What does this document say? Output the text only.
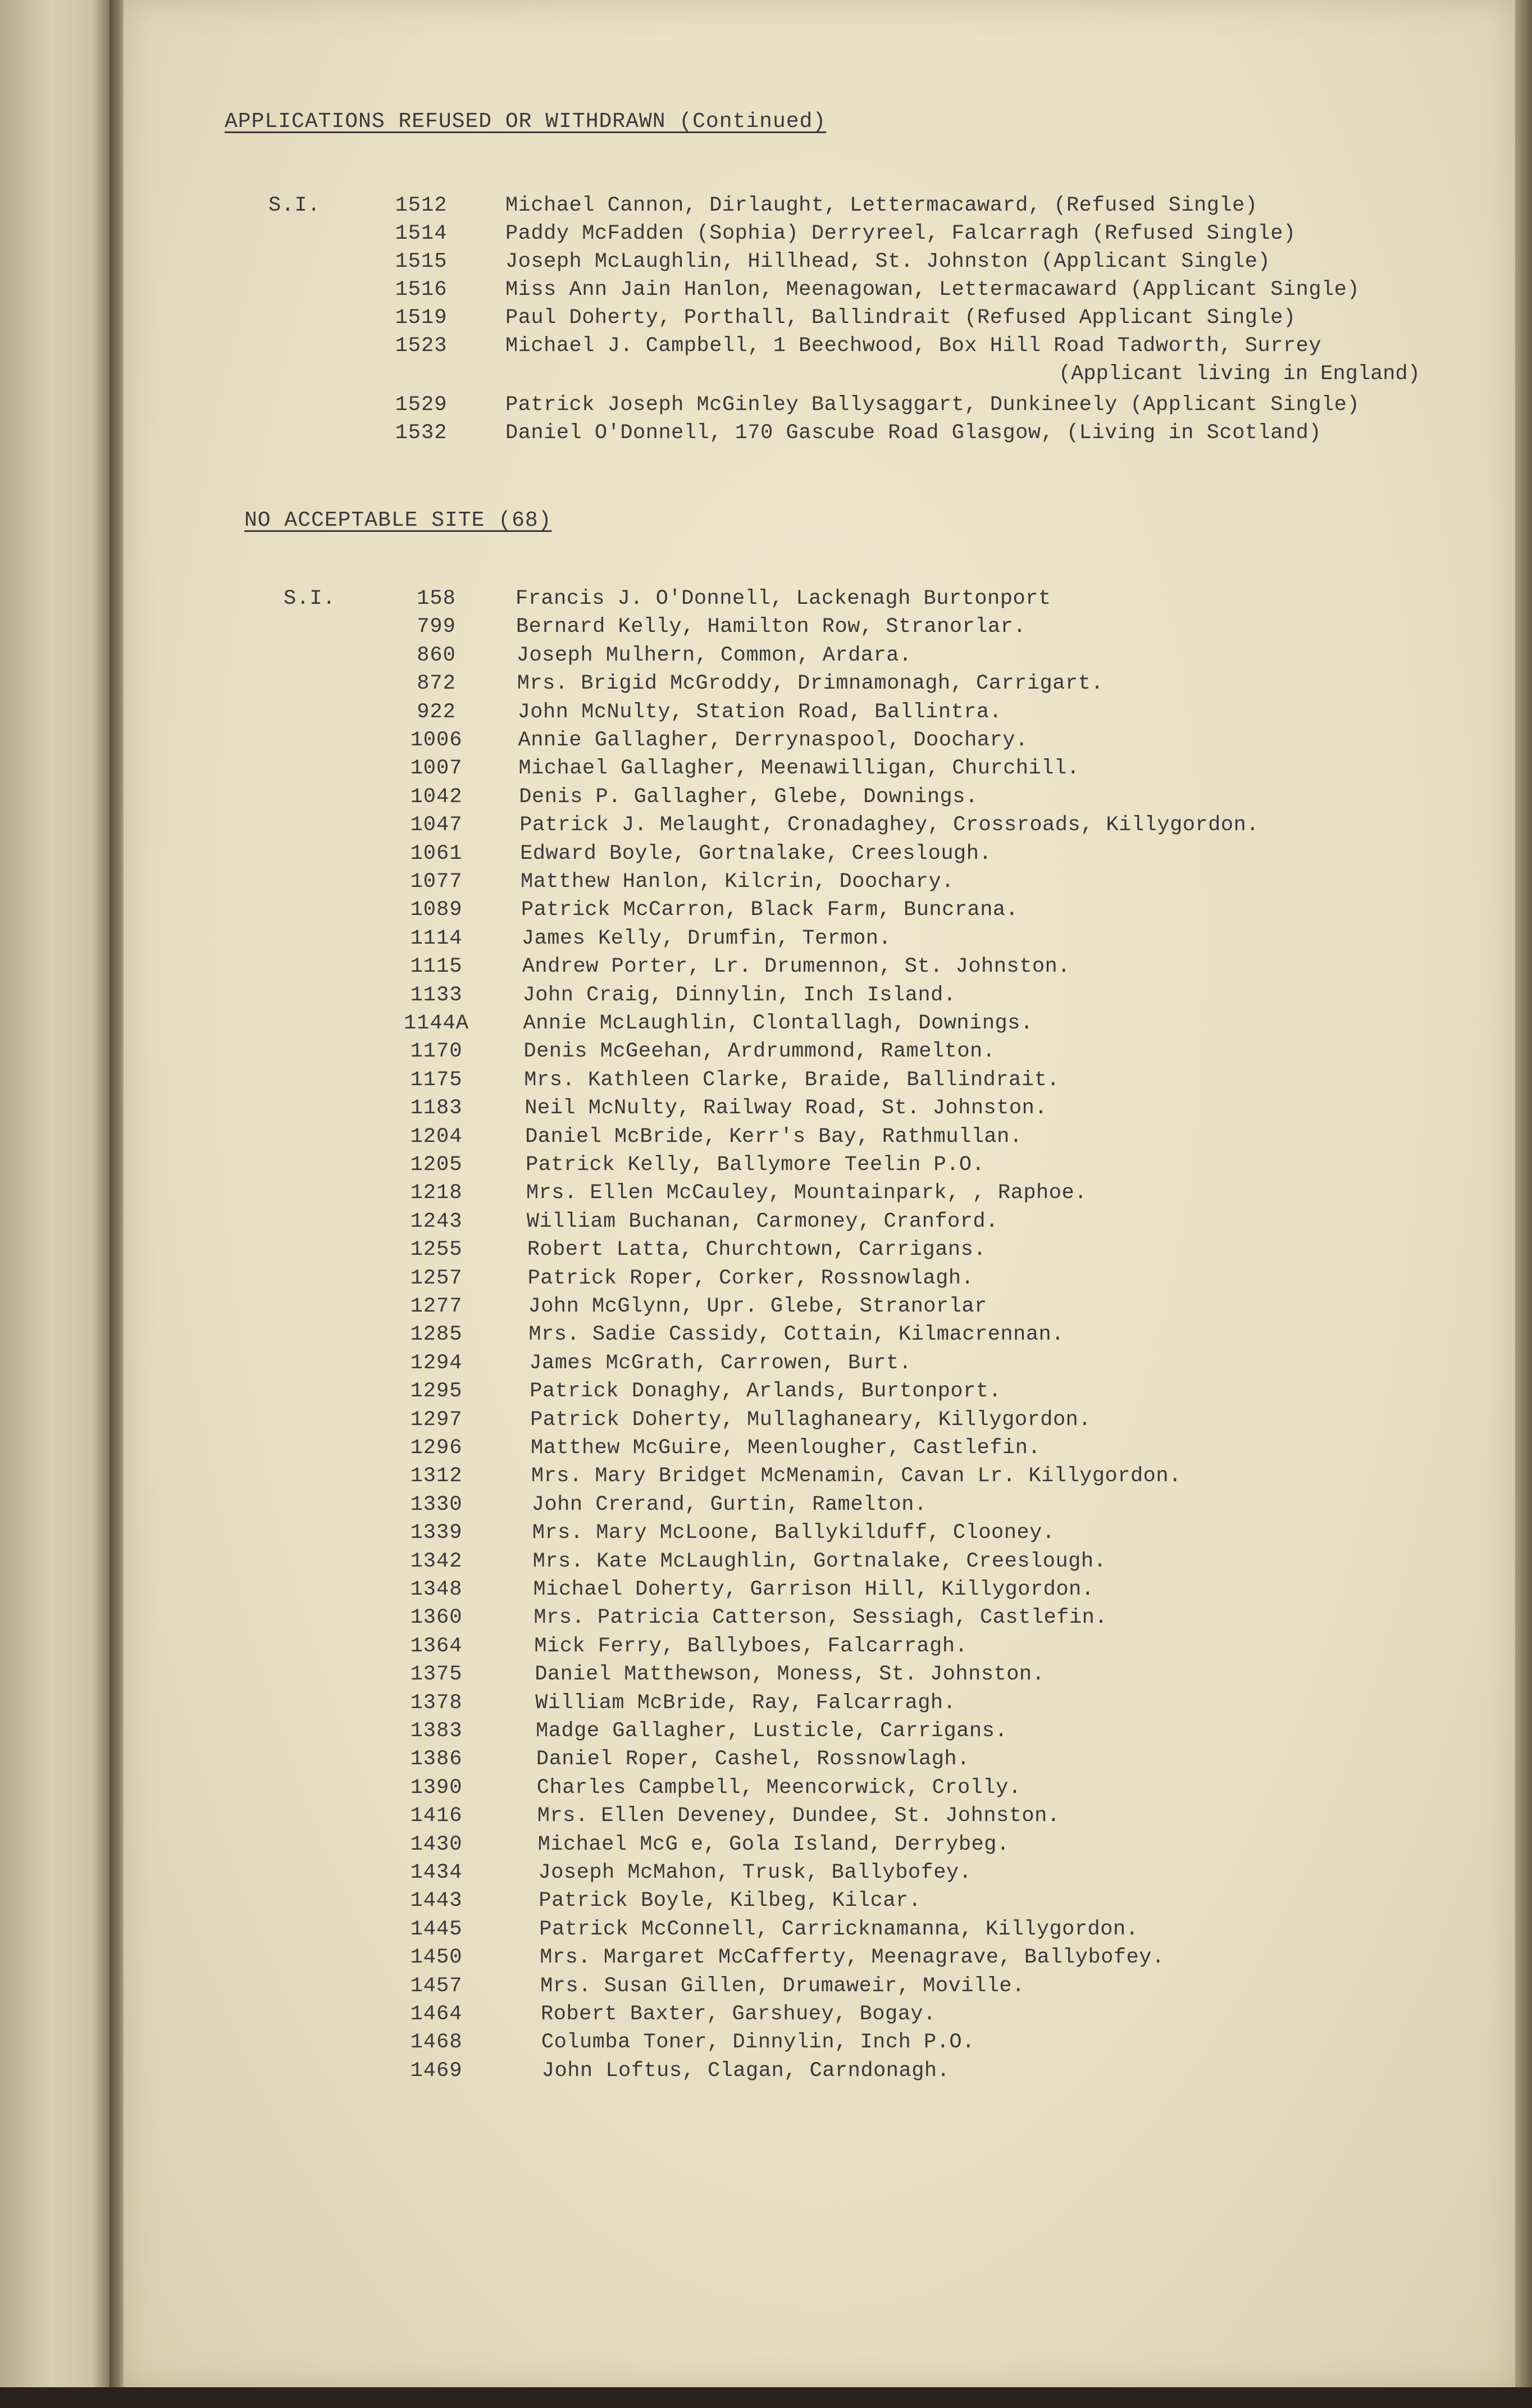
APPLICATIONS REFUSED OR WITHDRAWN (Continued)
S.I.	1512	Michael Cannon, Dirlaught, Lettermacaward, (Refused Single)
1514	Paddy McFadden (Sophia) Derryreel, Falcarragh (Refused Single)
1515	Joseph McLaughlin, Hillhead, St. Johnston (Applicant Single)
1516	Miss Ann Jain Hanlon, Meenagowan, Lettermacaward (Applicant Single)
1519	Paul Doherty, Porthall, Ballindrait (Refused Applicant Single)
1523	Michael J. Campbell, 1 Beechwood, Box Hill Road Tadworth, Surrey
(Applicant living in England)
1529	Patrick Joseph McGinley Ballysaggart, Dunkineely (Applicant Single)
1532	Daniel O'Donnell, 170 Gascube Road Glasgow, (Living in Scotland)
NO ACCEPTABLE SITE (68)
S.I.	158	Francis J. O'Donnell, Lackenagh Burtonport
799	Bernard Kelly, Hamilton Row, Stranorlar.
860	Joseph Mulhern, Common, Ardara.
872	Mrs. Brigid McGroddy, Drimnamonagh, Carrigart.
922	John McNulty, Station Road, Ballintra.
1006	Annie Gallagher, Derrynaspool, Doochary.
1007	Michael Gallagher, Meenawilligan, Churchill.
1042	Denis P. Gallagher, Glebe, Downings.
1047	Patrick J. Melaught, Cronadaghey, Crossroads, Killygordon.
1061	Edward Boyle, Gortnalake, Creeslough.
1077	Matthew Hanlon, Kilcrin, Doochary.
1089	Patrick McCarron, Black Farm, Buncrana.
1114	James Kelly, Drumfin, Termon.
1115	Andrew Porter, Lr. Drumennon, St. Johnston.
1133	John Craig, Dinnylin, Inch Island.
1144A	Annie McLaughlin, Clontallagh, Downings.
1170	Denis McGeehan, Ardrummond, Ramelton.
1175	Mrs. Kathleen Clarke, Braide, Ballindrait.
1183	Neil McNulty, Railway Road, St. Johnston.
1204	Daniel McBride, Kerr's Bay, Rathmullan.
1205	Patrick Kelly, Ballymore Teelin P.O.
1218	Mrs. Ellen McCauley, Mountainpark, , Raphoe.
1243	William Buchanan, Carmoney, Cranford.
1255	Robert Latta, Churchtown, Carrigans.
1257	Patrick Roper, Corker, Rossnowlagh.
1277	John McGlynn, Upr. Glebe, Stranorlar
1285	Mrs. Sadie Cassidy, Cottain, Kilmacrennan.
1294	James McGrath, Carrowen, Burt.
1295	Patrick Donaghy, Arlands, Burtonport.
1297	Patrick Doherty, Mullaghaneary, Killygordon.
1296	Matthew McGuire, Meenlougher, Castlefin.
1312	Mrs. Mary Bridget McMenamin, Cavan Lr. Killygordon.
1330	John Crerand, Gurtin, Ramelton.
1339	Mrs. Mary McLoone, Ballykilduff, Clooney.
1342	Mrs. Kate McLaughlin, Gortnalake, Creeslough.
1348	Michael Doherty, Garrison Hill, Killygordon.
1360	Mrs. Patricia Catterson, Sessiagh, Castlefin.
1364	Mick Ferry, Ballyboes, Falcarragh.
1375	Daniel Matthewson, Moness, St. Johnston.
1378	William McBride, Ray, Falcarragh.
1383	Madge Gallagher, Lusticle, Carrigans.
1386	Daniel Roper, Cashel, Rossnowlagh.
1390	Charles Campbell, Meencorwick, Crolly.
1416	Mrs. Ellen Deveney, Dundee, St. Johnston.
1430	Michael McG e, Gola Island, Derrybeg.
1434	Joseph McMahon, Trusk, Ballybofey.
1443	Patrick Boyle, Kilbeg, Kilcar.
1445	Patrick McConnell, Carricknamanna, Killygordon.
1450	Mrs. Margaret McCafferty, Meenagrave, Ballybofey.
1457	Mrs. Susan Gillen, Drumaweir, Moville.
1464	Robert Baxter, Garshuey, Bogay.
1468	Columba Toner, Dinnylin, Inch P.O.
1469	John Loftus, Clagan, Carndonagh.
